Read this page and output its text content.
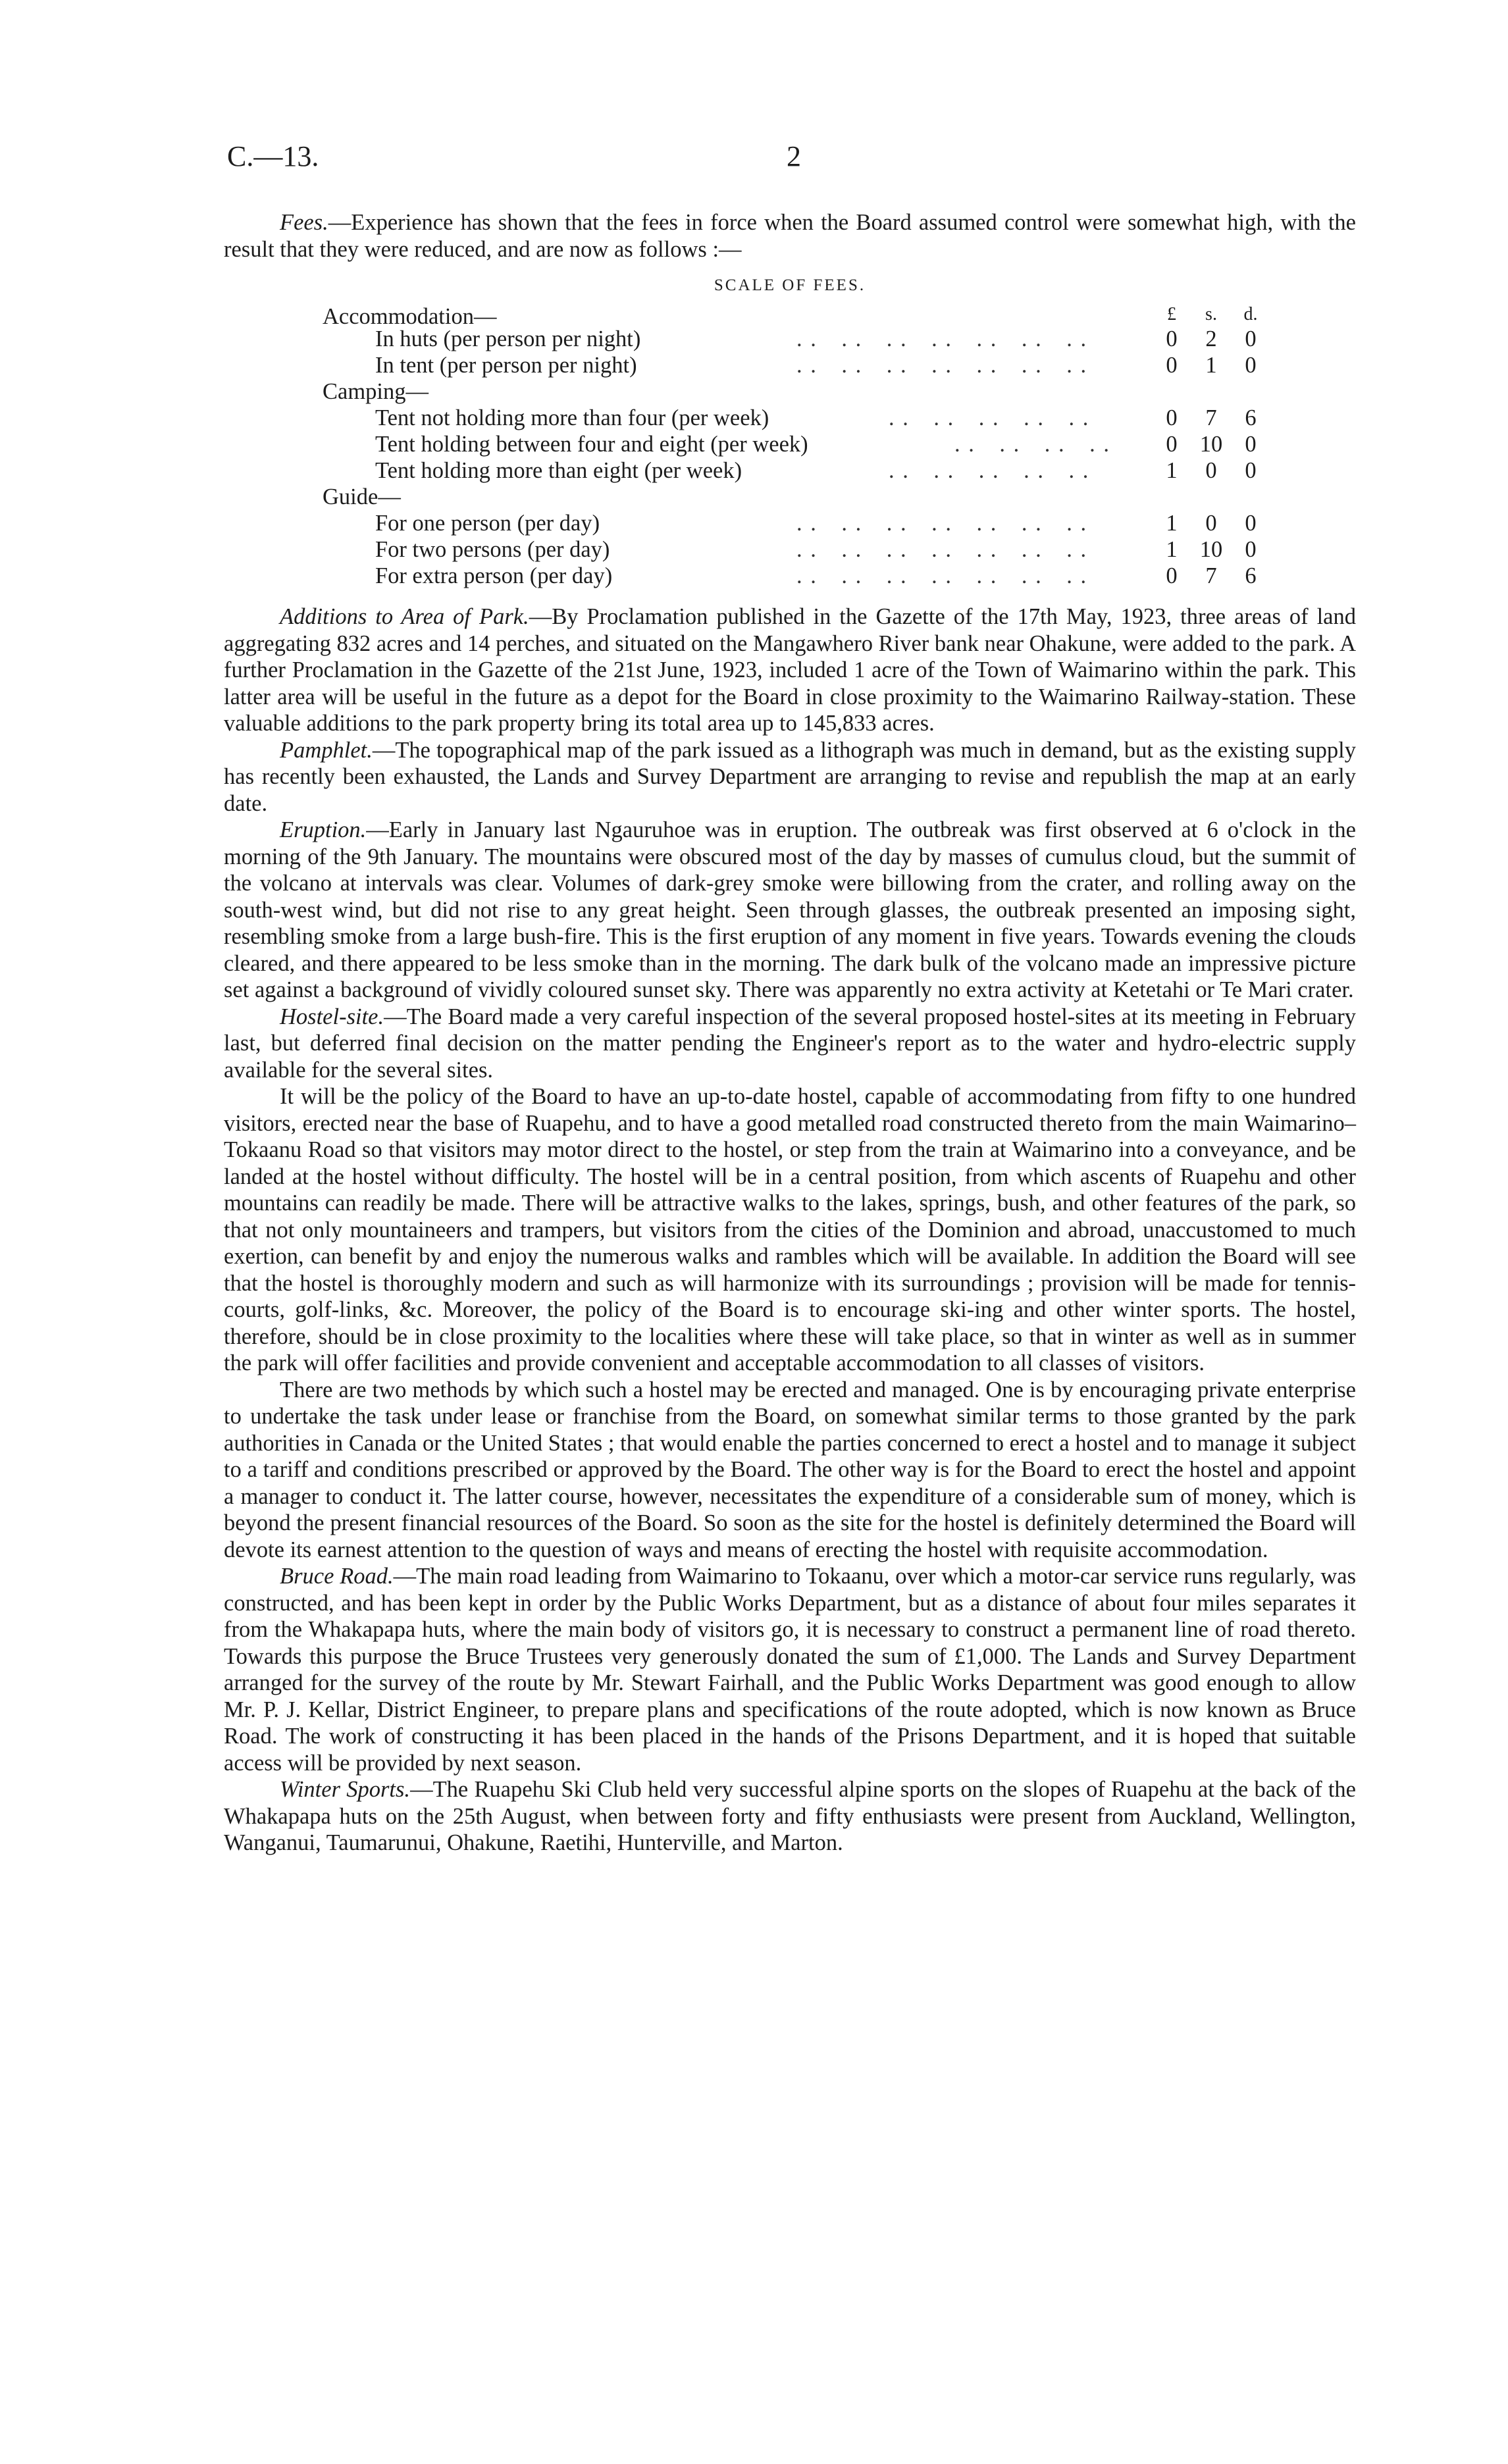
C.—13.	2

Fees.—Experience has shown that the fees in force when the Board assumed control were somewhat high, with the result that they were reduced, and are now as follows :—

SCALE OF FEES.
Accommodation—	£	s.	d.
In huts (per person per night)	. . . . . . . . . . . . . .	0	2	0
In tent (per person per night)	. . . . . . . . . . . . . .	0	1	0
Camping—
Tent not holding more than four (per week)	. . . . . . . . . .	0	7	6
Tent holding between four and eight (per week)	. . . . . . . .	0 10 0
Tent holding more than eight (per week)	. . . . . . . . . .	1	0	0
Guide—
For one person (per day)	. . . . . . . . . . . . . .	1	0	0
For two persons (per day)	. . . . . . . . . . . . . .	1 10 0
For extra person (per day)	. . . . . . . . . . . . . .	0	7	6

Additions to Area of Park.—By Proclamation published in the Gazette of the 17th May, 1923, three areas of land aggregating 832 acres and 14 perches, and situated on the Mangawhero River bank near Ohakune, were added to the park. A further Proclamation in the Gazette of the 21st June, 1923, included 1 acre of the Town of Waimarino within the park. This latter area will be useful in the future as a depot for the Board in close proximity to the Waimarino Railway-station. These valuable additions to the park property bring its total area up to 145,833 acres.

Pamphlet.—The topographical map of the park issued as a lithograph was much in demand, but as the existing supply has recently been exhausted, the Lands and Survey Department are arranging to revise and republish the map at an early date.

Eruption.—Early in January last Ngauruhoe was in eruption. The outbreak was first observed at 6 o'clock in the morning of the 9th January. The mountains were obscured most of the day by masses of cumulus cloud, but the summit of the volcano at intervals was clear. Volumes of dark-grey smoke were billowing from the crater, and rolling away on the south-west wind, but did not rise to any great height. Seen through glasses, the outbreak presented an imposing sight, resembling smoke from a large bush-fire. This is the first eruption of any moment in five years. Towards evening the clouds cleared, and there appeared to be less smoke than in the morning. The dark bulk of the volcano made an impressive picture set against a background of vividly coloured sunset sky. There was apparently no extra activity at Ketetahi or Te Mari crater.

Hostel-site.—The Board made a very careful inspection of the several proposed hostel-sites at its meeting in February last, but deferred final decision on the matter pending the Engineer's report as to the water and hydro-electric supply available for the several sites.

It will be the policy of the Board to have an up-to-date hostel, capable of accommodating from fifty to one hundred visitors, erected near the base of Ruapehu, and to have a good metalled road constructed thereto from the main Waimarino–Tokaanu Road so that visitors may motor direct to the hostel, or step from the train at Waimarino into a conveyance, and be landed at the hostel without difficulty. The hostel will be in a central position, from which ascents of Ruapehu and other mountains can readily be made. There will be attractive walks to the lakes, springs, bush, and other features of the park, so that not only mountaineers and trampers, but visitors from the cities of the Dominion and abroad, unaccustomed to much exertion, can benefit by and enjoy the numerous walks and rambles which will be available. In addition the Board will see that the hostel is thoroughly modern and such as will harmonize with its surroundings ; provision will be made for tennis-courts, golf-links, &c. Moreover, the policy of the Board is to encourage ski-ing and other winter sports. The hostel, therefore, should be in close proximity to the localities where these will take place, so that in winter as well as in summer the park will offer facilities and provide convenient and acceptable accommodation to all classes of visitors.

There are two methods by which such a hostel may be erected and managed. One is by encouraging private enterprise to undertake the task under lease or franchise from the Board, on somewhat similar terms to those granted by the park authorities in Canada or the United States ; that would enable the parties concerned to erect a hostel and to manage it subject to a tariff and conditions prescribed or approved by the Board. The other way is for the Board to erect the hostel and appoint a manager to conduct it. The latter course, however, necessitates the expenditure of a considerable sum of money, which is beyond the present financial resources of the Board. So soon as the site for the hostel is definitely determined the Board will devote its earnest attention to the question of ways and means of erecting the hostel with requisite accommodation.

Bruce Road.—The main road leading from Waimarino to Tokaanu, over which a motor-car service runs regularly, was constructed, and has been kept in order by the Public Works Department, but as a distance of about four miles separates it from the Whakapapa huts, where the main body of visitors go, it is necessary to construct a permanent line of road thereto. Towards this purpose the Bruce Trustees very generously donated the sum of £1,000. The Lands and Survey Department arranged for the survey of the route by Mr. Stewart Fairhall, and the Public Works Department was good enough to allow Mr. P. J. Kellar, District Engineer, to prepare plans and specifications of the route adopted, which is now known as Bruce Road. The work of constructing it has been placed in the hands of the Prisons Department, and it is hoped that suitable access will be provided by next season.

Winter Sports.—The Ruapehu Ski Club held very successful alpine sports on the slopes of Ruapehu at the back of the Whakapapa huts on the 25th August, when between forty and fifty enthusiasts were present from Auckland, Wellington, Wanganui, Taumarunui, Ohakune, Raetihi, Hunterville, and Marton.
